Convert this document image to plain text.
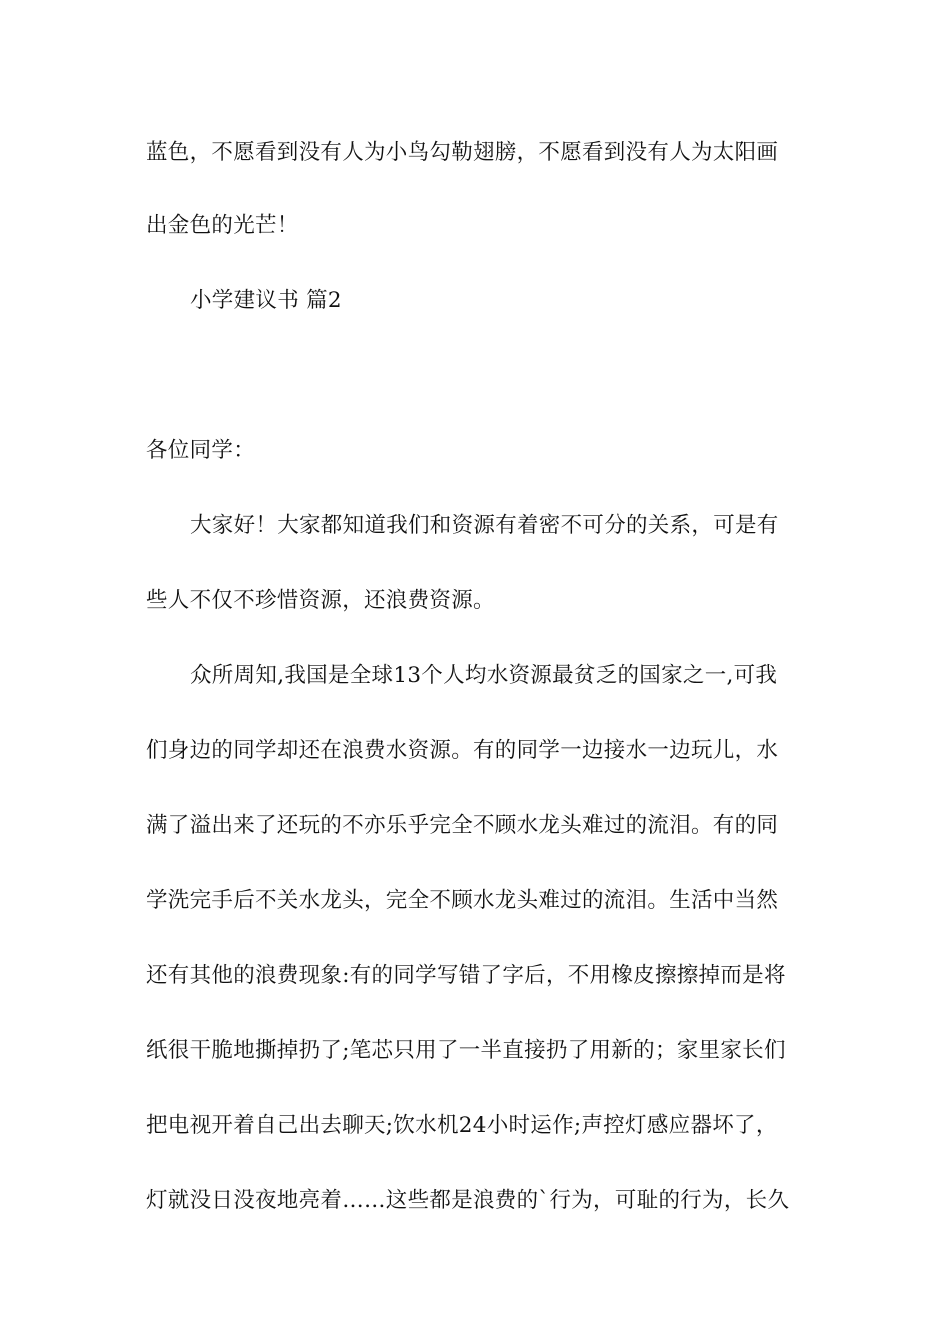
蓝色，不愿看到没有人为小鸟勾勒翅膀，不愿看到没有人为太阳画
出金色的光芒！
小学建议书 篇2
各位同学：
大家好！大家都知道我们和资源有着密不可分的关系，可是有
些人不仅不珍惜资源，还浪费资源。
众所周知,我国是全球13个人均水资源最贫乏的国家之一,可我
们身边的同学却还在浪费水资源。有的同学一边接水一边玩儿，水
满了溢出来了还玩的不亦乐乎完全不顾水龙头难过的流泪。有的同
学洗完手后不关水龙头，完全不顾水龙头难过的流泪。生活中当然
还有其他的浪费现象:有的同学写错了字后，不用橡皮擦擦掉而是将
纸很干脆地撕掉扔了;笔芯只用了一半直接扔了用新的；家里家长们
把电视开着自己出去聊天;饮水机24小时运作;声控灯感应器坏了，
灯就没日没夜地亮着……这些都是浪费的`行为，可耻的行为，长久
